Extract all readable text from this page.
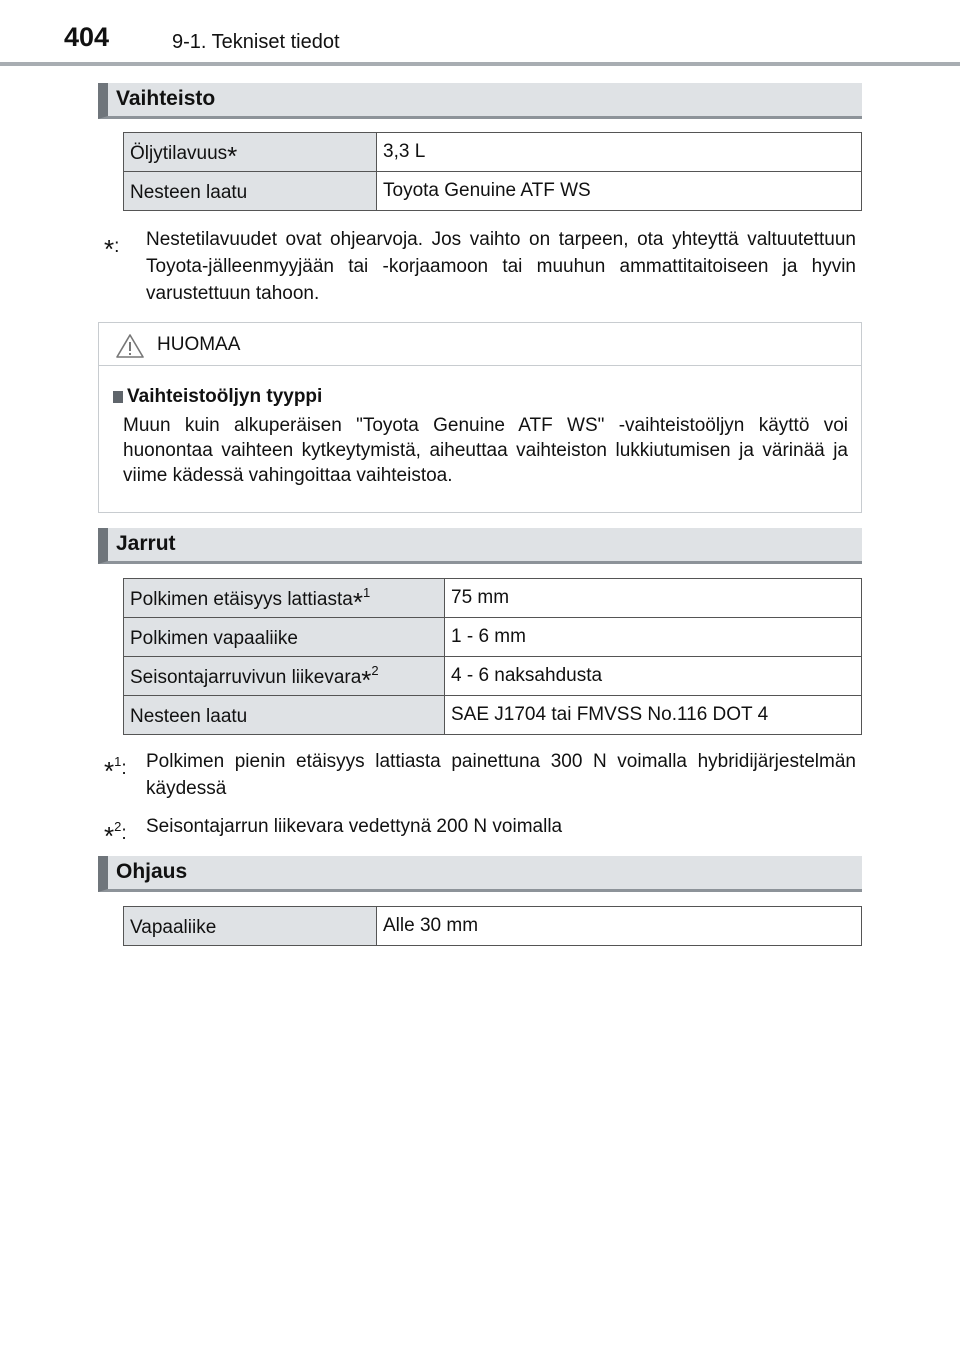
404	9-1. Tekniset tiedot
Vaihteisto
Öljytilavuus*	3,3 L
Nesteen laatu	Toyota Genuine ATF WS
*:	Nestetilavuudet ovat ohjearvoja. Jos vaihto on tarpeen, ota yhteyttä valtuutettuun Toyota-jälleenmyyjään tai -korjaamoon tai muuhun ammattitaitoiseen ja hyvin varustettuun tahoon.
HUOMAA
Vaihteistoöljyn tyyppi
Muun kuin alkuperäisen "Toyota Genuine ATF WS" -vaihteistoöljyn käyttö voi huonontaa vaihteen kytkeytymistä, aiheuttaa vaihteiston lukkiutumisen ja värinää ja viime kädessä vahingoittaa vaihteistoa.
Jarrut
Polkimen etäisyys lattiasta*$^1$	75 mm
Polkimen vapaaliike	1 - 6 mm
Seisontajarruvivun liikevara*$^2$	4 - 6 naksahdusta
Nesteen laatu	SAE J1704 tai FMVSS No.116 DOT 4
*$^1$:	Polkimen pienin etäisyys lattiasta painettuna 300 N voimalla hybridijärjestelmän käydessä
*$^2$:	Seisontajarrun liikevara vedettynä 200 N voimalla
Ohjaus
Vapaaliike	Alle 30 mm
